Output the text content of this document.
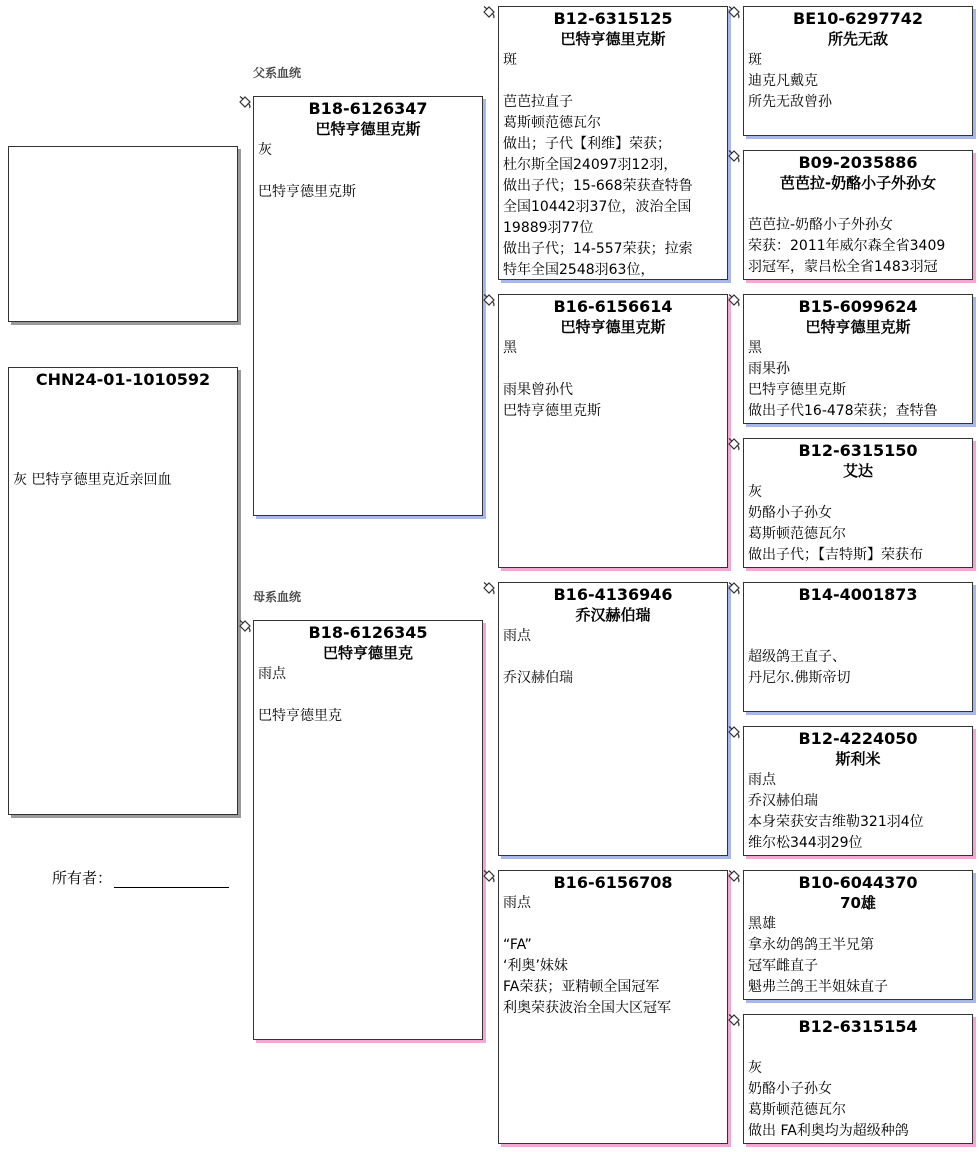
CHN24-01-1010592
灰 巴特亨德里克近亲回血
所有者：
父系血统
母系血统
B18-6126347
巴特亨德里克斯
灰
巴特亨德里克斯
B18-6126345
巴特亨德里克
雨点
巴特亨德里克
B12-6315125
巴特亨德里克斯
斑
芭芭拉直子
葛斯顿范德瓦尔
做出；子代【利维】荣获；
杜尔斯全国24097羽12羽，
做出子代；15-668荣获查特鲁
全国10442羽37位，波治全国
19889羽77位
做出子代；14-557荣获；拉索
特年全国2548羽63位，
B16-6156614
巴特亨德里克斯
黑
雨果曾孙代
巴特亨德里克斯
B16-4136946
乔汉赫伯瑞
雨点
乔汉赫伯瑞
B16-6156708
雨点
“FA”
‘利奥’妹妹
FA荣获；亚精顿全国冠军
利奥荣获波治全国大区冠军
BE10-6297742
所先无敌
斑
迪克凡戴克
所先无敌曾孙
B09-2035886
芭芭拉-奶酪小子外孙女
芭芭拉-奶酪小子外孙女
荣获：2011年威尔森全省3409
羽冠军，蒙吕松全省1483羽冠
B15-6099624
巴特亨德里克斯
黑
雨果孙
巴特亨德里克斯
做出子代16-478荣获；查特鲁
B12-6315150
艾达
灰
奶酪小子孙女
葛斯顿范德瓦尔
做出子代；【吉特斯】荣获布
B14-4001873
超级鸽王直子、
丹尼尔.佛斯帝切
B12-4224050
斯利米
雨点
乔汉赫伯瑞
本身荣获安吉维勒321羽4位
维尔松344羽29位
B10-6044370
70雄
黑雄
拿永幼鸽鸽王半兄第
冠军雌直子
魁弗兰鸽王半姐妹直子
B12-6315154
灰
奶酪小子孙女
葛斯顿范德瓦尔
做出 FA利奥均为超级种鸽
